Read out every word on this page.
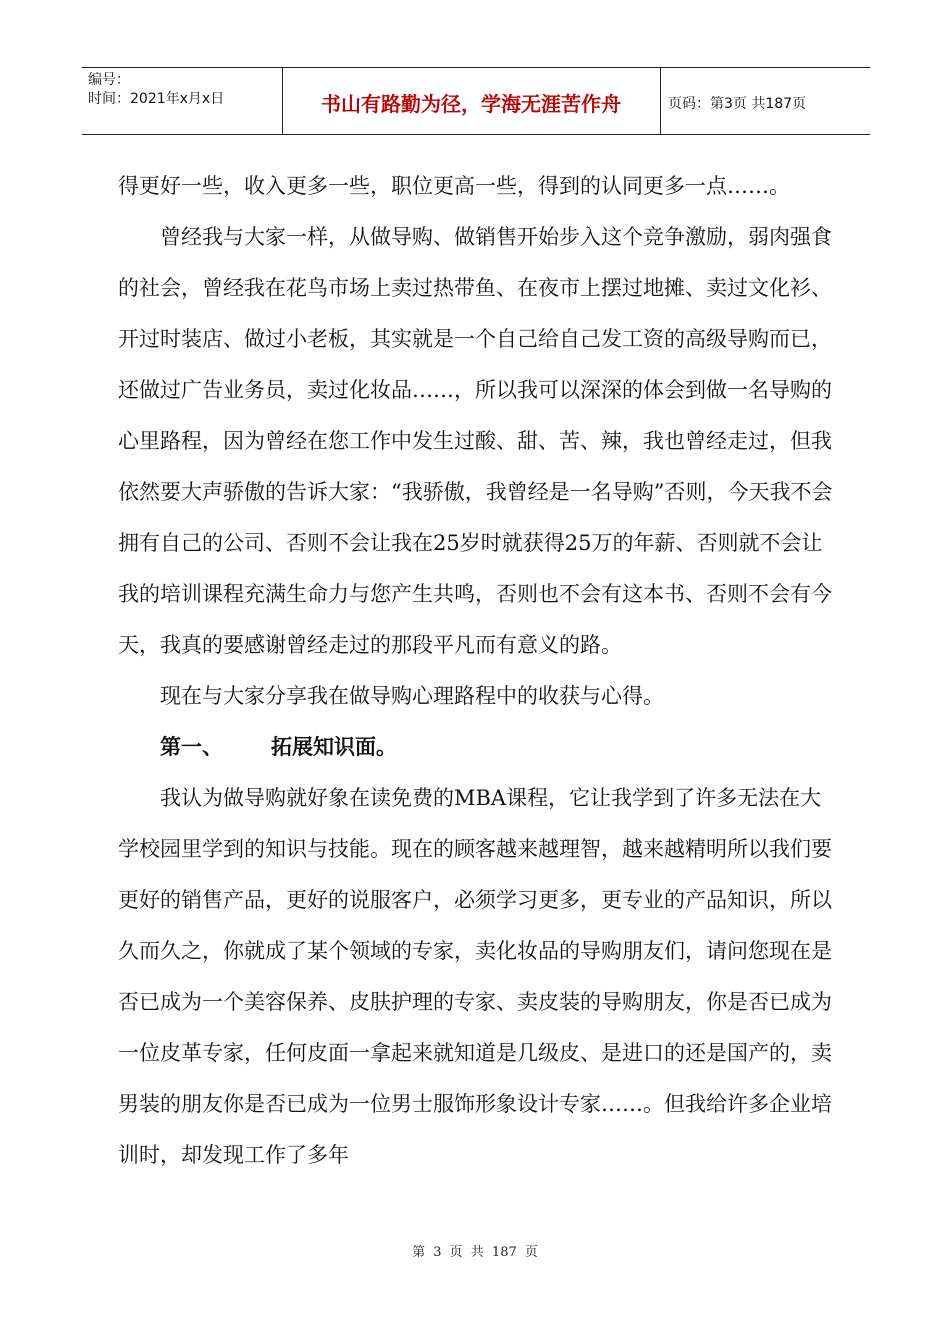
编号：
时间：2021年x月x日	书山有路勤为径，学海无涯苦作舟	页码：第3页 共187页

得更好一些，收入更多一些，职位更高一些，得到的认同更多一点……。

曾经我与大家一样，从做导购、做销售开始步入这个竞争激励，弱肉强食的社会，曾经我在花鸟市场上卖过热带鱼、在夜市上摆过地摊、卖过文化衫、开过时装店、做过小老板，其实就是一个自己给自己发工资的高级导购而已，还做过广告业务员，卖过化妆品……，所以我可以深深的体会到做一名导购的心里路程，因为曾经在您工作中发生过酸、甜、苦、辣，我也曾经走过，但我依然要大声骄傲的告诉大家：“我骄傲，我曾经是一名导购”否则，今天我不会拥有自己的公司、否则不会让我在25岁时就获得25万的年薪、否则就不会让我的培训课程充满生命力与您产生共鸣，否则也不会有这本书、否则不会有今天，我真的要感谢曾经走过的那段平凡而有意义的路。

现在与大家分享我在做导购心理路程中的收获与心得。

第一、 拓展知识面。

我认为做导购就好象在读免费的MBA课程，它让我学到了许多无法在大学校园里学到的知识与技能。现在的顾客越来越理智，越来越精明所以我们要更好的销售产品，更好的说服客户，必须学习更多，更专业的产品知识，所以久而久之，你就成了某个领域的专家，卖化妆品的导购朋友们，请问您现在是否已成为一个美容保养、皮肤护理的专家、卖皮装的导购朋友，你是否已成为一位皮革专家，任何皮面一拿起来就知道是几级皮、是进口的还是国产的，卖男装的朋友你是否已成为一位男士服饰形象设计专家……。但我给许多企业培训时，却发现工作了多年

第 3 页 共 187 页
